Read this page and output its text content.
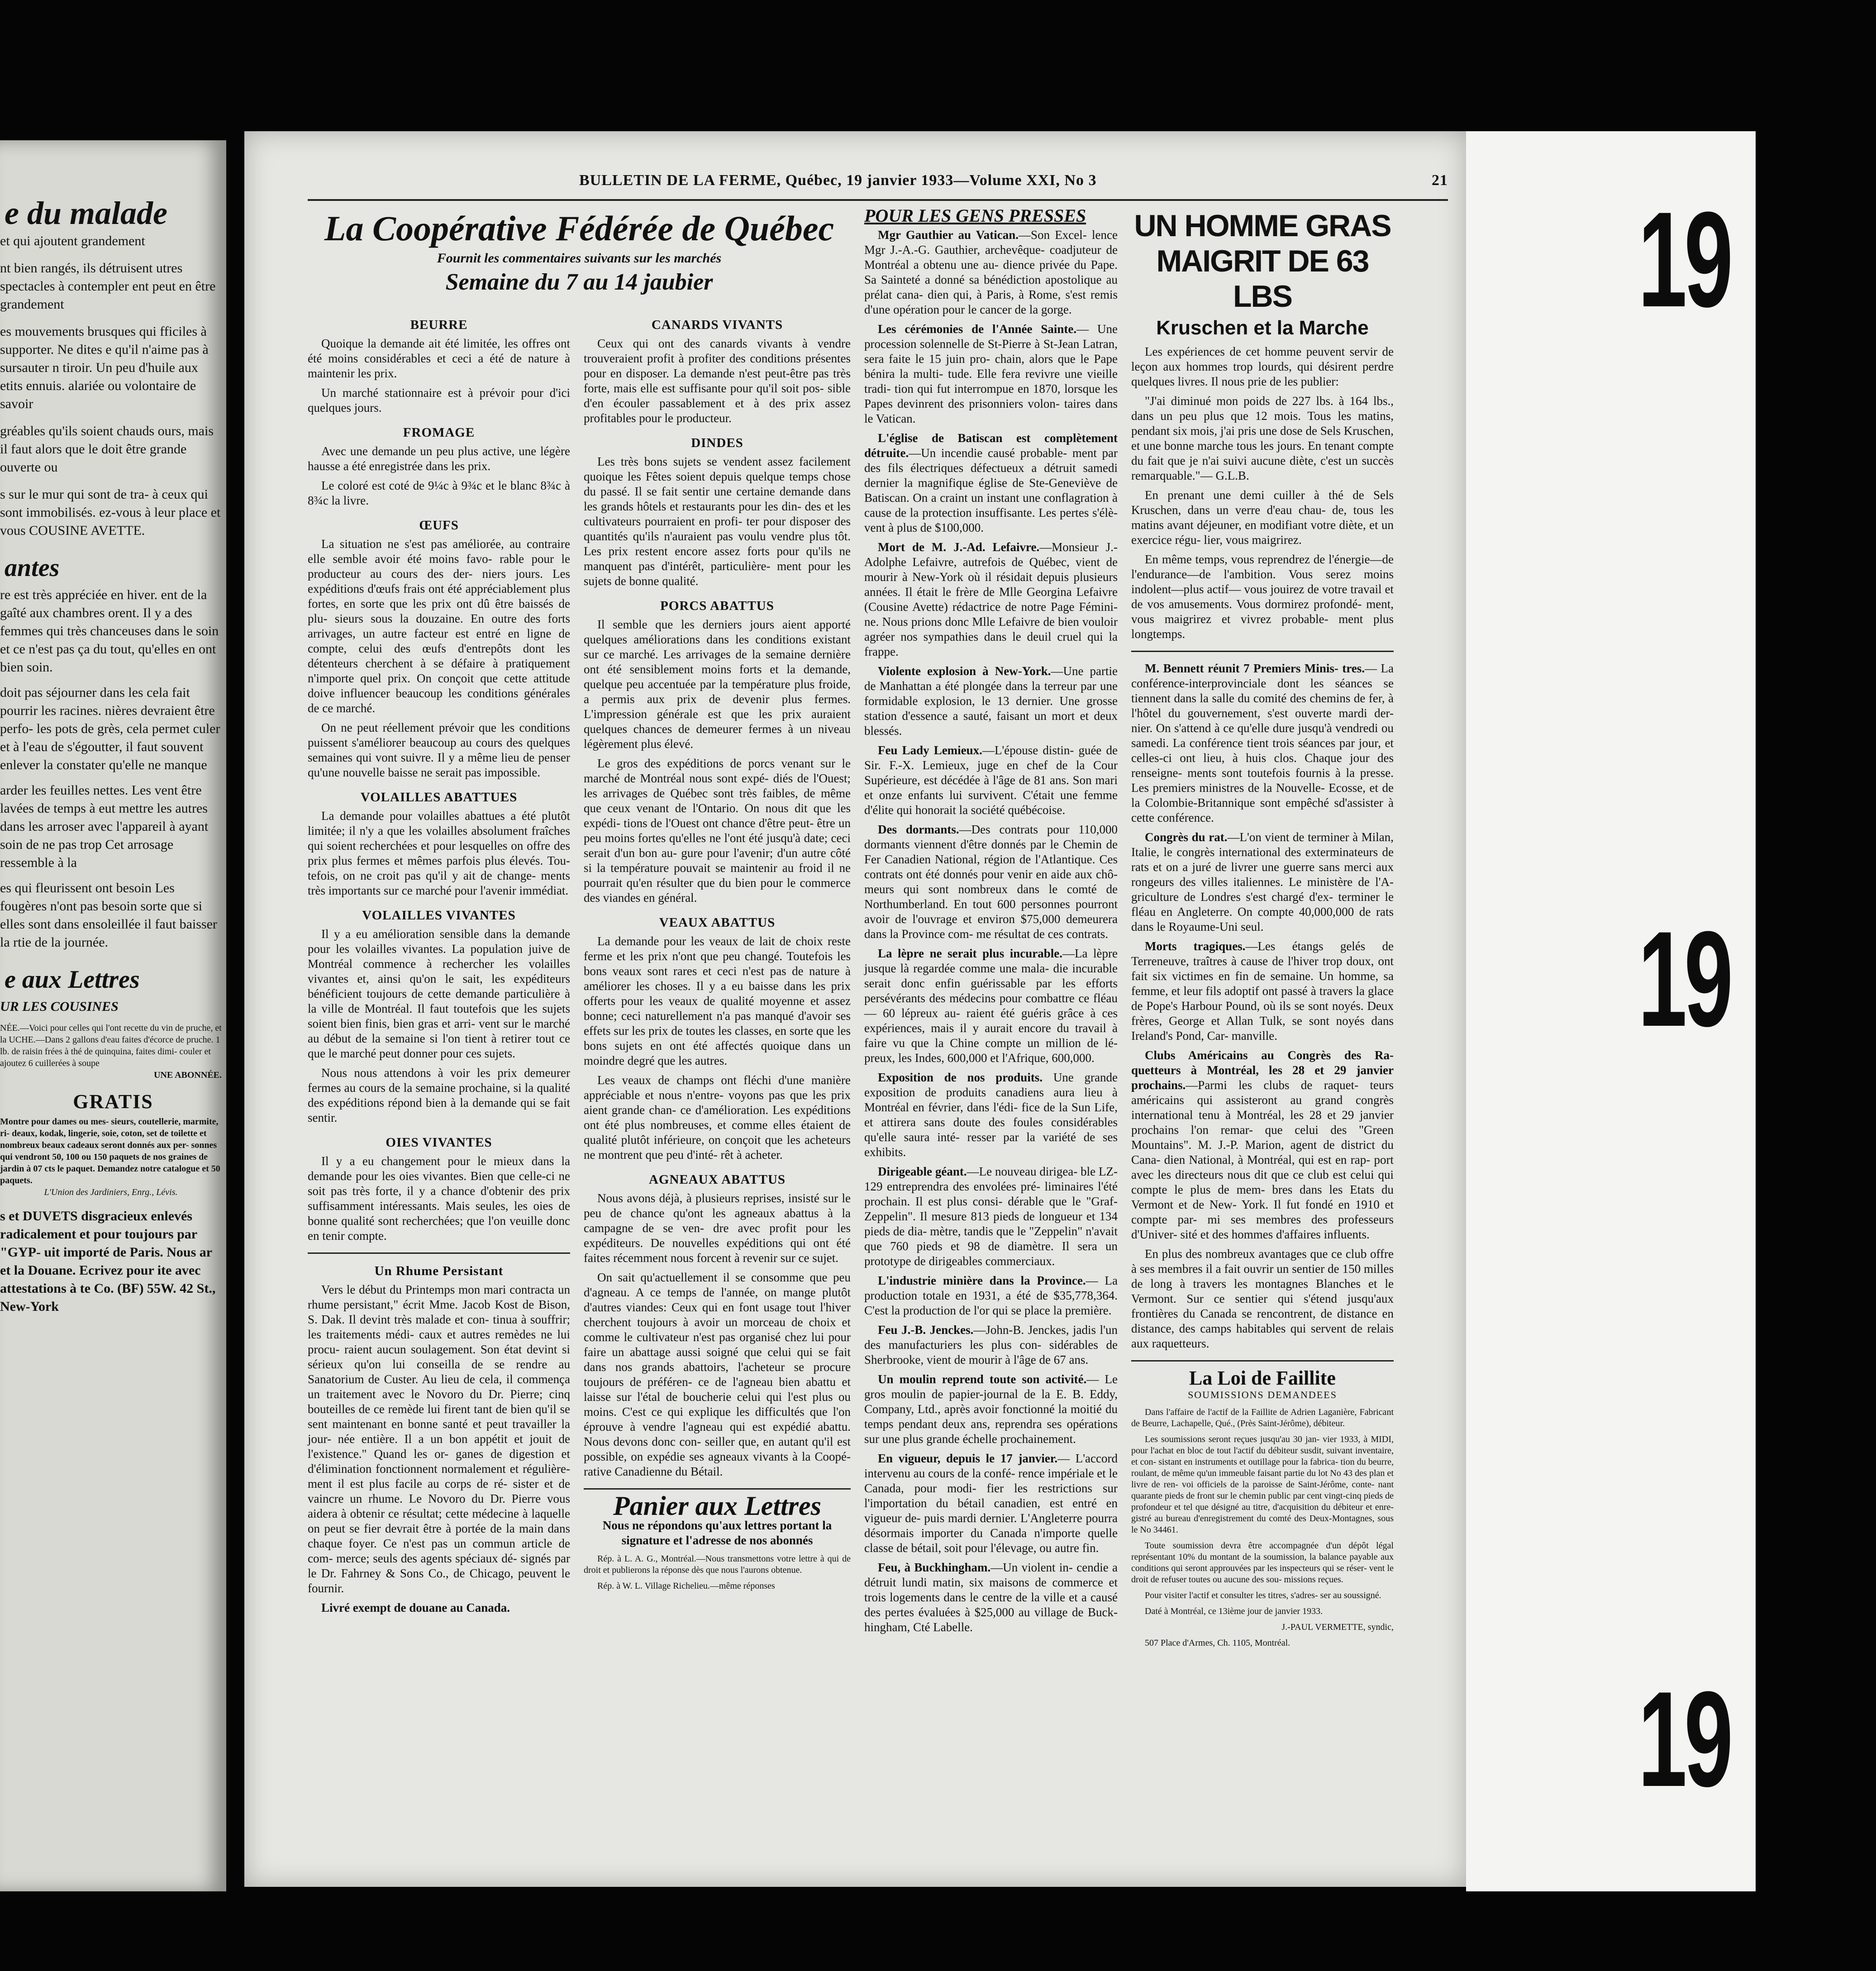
e du malade

et qui ajoutent grandement

nt bien rangés, ils détruisent utres spectacles à contempler ent peut en être grandement

es mouvements brusques qui fficiles à supporter. Ne dites e qu'il n'aime pas à sursauter n tiroir. Un peu d'huile aux etits ennuis. alariée ou volontaire de savoir

gréables qu'ils soient chauds ours, mais il faut alors que le doit être grande ouverte ou

s sur le mur qui sont de tra- à ceux qui sont immobilisés. ez-vous à leur place et vous COUSINE AVETTE.

antes

re est très appréciée en hiver. ent de la gaîté aux chambres orent. Il y a des femmes qui très chanceuses dans le soin et ce n'est pas ça du tout, qu'elles en ont bien soin.

doit pas séjourner dans les cela fait pourrir les racines. nières devraient être perfo- les pots de grès, cela permet culer et à l'eau de s'égoutter, il faut souvent enlever la constater qu'elle ne manque

arder les feuilles nettes. Les vent être lavées de temps à eut mettre les autres dans les arroser avec l'appareil à ayant soin de ne pas trop Cet arrosage ressemble à la

es qui fleurissent ont besoin Les fougères n'ont pas besoin sorte que si elles sont dans ensoleillée il faut baisser la rtie de la journée.

e aux Lettres

UR LES COUSINES

NÉE.—Voici pour celles qui l'ont recette du vin de pruche, et la UCHE.—Dans 2 gallons d'eau faites d'écorce de pruche. 1 lb. de raisin frées à thé de quinquina, faites dimi- couler et ajoutez 6 cuillerées à soupe

UNE ABONNÉE.

GRATIS

Montre pour dames ou mes- sieurs, coutellerie, marmite, ri- deaux, kodak, lingerie, soie, coton, set de toilette et nombreux beaux cadeaux seront donnés aux per- sonnes qui vendront 50, 100 ou 150 paquets de nos graines de jardin à 07 cts le paquet. Demandez notre catalogue et 50 paquets.

L'Union des Jardiniers, Enrg., Lévis.

s et DUVETS disgracieux enlevés radicalement et pour toujours par "GYP- uit importé de Paris. Nous ar et la Douane. Ecrivez pour ite avec attestations à te Co. (BF) 55W. 42 St., New-York

BULLETIN DE LA FERME, Québec, 19 janvier 1933—Volume XXI, No 3	21
La Coopérative Fédérée de Québec
Fournit les commentaires suivants sur les marchés
Semaine du 7 au 14 jaubier
BEURRE

Quoique la demande ait été limitée, les offres ont été moins considérables et ceci a été de nature à maintenir les prix.

Un marché stationnaire est à prévoir pour d'ici quelques jours.

FROMAGE

Avec une demande un peu plus active, une légère hausse a été enregistrée dans les prix.

Le coloré est coté de 9¼c à 9¾c et le blanc 8¾c à 8¾c la livre.

ŒUFS

La situation ne s'est pas améliorée, au contraire elle semble avoir été moins favo- rable pour le producteur au cours des der- niers jours. Les expéditions d'œufs frais ont été appréciablement plus fortes, en sorte que les prix ont dû être baissés de plu- sieurs sous la douzaine. En outre des forts arrivages, un autre facteur est entré en ligne de compte, celui des œufs d'entrepôts dont les détenteurs cherchent à se défaire à pratiquement n'importe quel prix. On conçoit que cette attitude doive influencer beaucoup les conditions générales de ce marché.

On ne peut réellement prévoir que les conditions puissent s'améliorer beaucoup au cours des quelques semaines qui vont suivre. Il y a même lieu de penser qu'une nouvelle baisse ne serait pas impossible.

VOLAILLES ABATTUES

La demande pour volailles abattues a été plutôt limitée; il n'y a que les volailles absolument fraîches qui soient recherchées et pour lesquelles on offre des prix plus fermes et mêmes parfois plus élevés. Tou- tefois, on ne croit pas qu'il y ait de change- ments très importants sur ce marché pour l'avenir immédiat.

VOLAILLES VIVANTES

Il y a eu amélioration sensible dans la demande pour les volailles vivantes. La population juive de Montréal commence à rechercher les volailles vivantes et, ainsi qu'on le sait, les expéditeurs bénéficient toujours de cette demande particulière à la ville de Montréal. Il faut toutefois que les sujets soient bien finis, bien gras et arri- vent sur le marché au début de la semaine si l'on tient à retirer tout ce que le marché peut donner pour ces sujets.

Nous nous attendons à voir les prix demeurer fermes au cours de la semaine prochaine, si la qualité des expéditions répond bien à la demande qui se fait sentir.

OIES VIVANTES

Il y a eu changement pour le mieux dans la demande pour les oies vivantes. Bien que celle-ci ne soit pas très forte, il y a chance d'obtenir des prix suffisamment intéressants. Mais seules, les oies de bonne qualité sont recherchées; que l'on veuille donc en tenir compte.

Un Rhume Persistant

Vers le début du Printemps mon mari contracta un rhume persistant," écrit Mme. Jacob Kost de Bison, S. Dak. Il devint très malade et con- tinua à souffrir; les traitements médi- caux et autres remèdes ne lui procu- raient aucun soulagement. Son état devint si sérieux qu'on lui conseilla de se rendre au Sanatorium de Custer. Au lieu de cela, il commença un traitement avec le Novoro du Dr. Pierre; cinq bouteilles de ce remède lui firent tant de bien qu'il se sent maintenant en bonne santé et peut travailler la jour- née entière. Il a un bon appétit et jouit de l'existence." Quand les or- ganes de digestion et d'élimination fonctionnent normalement et régulière- ment il est plus facile au corps de ré- sister et de vaincre un rhume. Le Novoro du Dr. Pierre vous aidera à obtenir ce résultat; cette médecine à laquelle on peut se fier devrait être à portée de la main dans chaque foyer. Ce n'est pas un commun article de com- merce; seuls des agents spéciaux dé- signés par le Dr. Fahrney & Sons Co., de Chicago, peuvent le fournir.

Livré exempt de douane au Canada.

CANARDS VIVANTS

Ceux qui ont des canards vivants à vendre trouveraient profit à profiter des conditions présentes pour en disposer. La demande n'est peut-être pas très forte, mais elle est suffisante pour qu'il soit pos- sible d'en écouler passablement et à des prix assez profitables pour le producteur.

DINDES

Les très bons sujets se vendent assez facilement quoique les Fêtes soient depuis quelque temps chose du passé. Il se fait sentir une certaine demande dans les grands hôtels et restaurants pour les din- des et les cultivateurs pourraient en profi- ter pour disposer des quantités qu'ils n'auraient pas voulu vendre plus tôt. Les prix restent encore assez forts pour qu'ils ne manquent pas d'intérêt, particulière- ment pour les sujets de bonne qualité.

PORCS ABATTUS

Il semble que les derniers jours aient apporté quelques améliorations dans les conditions existant sur ce marché. Les arrivages de la semaine dernière ont été sensiblement moins forts et la demande, quelque peu accentuée par la température plus froide, a permis aux prix de devenir plus fermes. L'impression générale est que les prix auraient quelques chances de demeurer fermes à un niveau légèrement plus élevé.

Le gros des expéditions de porcs venant sur le marché de Montréal nous sont expé- diés de l'Ouest; les arrivages de Québec sont très faibles, de même que ceux venant de l'Ontario. On nous dit que les expédi- tions de l'Ouest ont chance d'être peut- être un peu moins fortes qu'elles ne l'ont été jusqu'à date; ceci serait d'un bon au- gure pour l'avenir; d'un autre côté si la température pouvait se maintenir au froid il ne pourrait qu'en résulter que du bien pour le commerce des viandes en général.

VEAUX ABATTUS

La demande pour les veaux de lait de choix reste ferme et les prix n'ont que peu changé. Toutefois les bons veaux sont rares et ceci n'est pas de nature à améliorer les choses. Il y a eu baisse dans les prix offerts pour les veaux de qualité moyenne et assez bonne; ceci naturellement n'a pas manqué d'avoir ses effets sur les prix de toutes les classes, en sorte que les bons sujets en ont été affectés quoique dans un moindre degré que les autres.

Les veaux de champs ont fléchi d'une manière appréciable et nous n'entre- voyons pas que les prix aient grande chan- ce d'amélioration. Les expéditions ont été plus nombreuses, et comme elles étaient de qualité plutôt inférieure, on conçoit que les acheteurs ne montrent que peu d'inté- rêt à acheter.

AGNEAUX ABATTUS

Nous avons déjà, à plusieurs reprises, insisté sur le peu de chance qu'ont les agneaux abattus à la campagne de se ven- dre avec profit pour les expéditeurs. De nouvelles expéditions qui ont été faites récemment nous forcent à revenir sur ce sujet.

On sait qu'actuellement il se consomme que peu d'agneau. A ce temps de l'année, on mange plutôt d'autres viandes: Ceux qui en font usage tout l'hiver cherchent toujours à avoir un morceau de choix et comme le cultivateur n'est pas organisé chez lui pour faire un abattage aussi soigné que celui qui se fait dans nos grands abattoirs, l'acheteur se procure toujours de préféren- ce de l'agneau bien abattu et laisse sur l'étal de boucherie celui qui l'est plus ou moins. C'est ce qui explique les difficultés que l'on éprouve à vendre l'agneau qui est expédié abattu. Nous devons donc con- seiller que, en autant qu'il est possible, on expédie ses agneaux vivants à la Coopé- rative Canadienne du Bétail.

Panier aux Lettres
Nous ne répondons qu'aux lettres portant la signature et l'adresse de nos abonnés

Rép. à L. A. G., Montréal.—Nous transmettons votre lettre à qui de droit et publierons la réponse dès que nous l'aurons obtenue.

Rép. à W. L. Village Richelieu.—même réponses

POUR LES GENS PRESSES

Mgr Gauthier au Vatican.—Son Excel- lence Mgr J.-A.-G. Gauthier, archevêque- coadjuteur de Montréal a obtenu une au- dience privée du Pape. Sa Sainteté a donné sa bénédiction apostolique au prélat cana- dien qui, à Paris, à Rome, s'est remis d'une opération pour le cancer de la gorge.

Les cérémonies de l'Année Sainte.— Une procession solennelle de St-Pierre à St-Jean Latran, sera faite le 15 juin pro- chain, alors que le Pape bénira la multi- tude. Elle fera revivre une vieille tradi- tion qui fut interrompue en 1870, lorsque les Papes devinrent des prisonniers volon- taires dans le Vatican.

L'église de Batiscan est complètement détruite.—Un incendie causé probable- ment par des fils électriques défectueux a détruit samedi dernier la magnifique église de Ste-Geneviève de Batiscan. On a craint un instant une conflagration à cause de la protection insuffisante. Les pertes s'élè- vent à plus de $100,000.

Mort de M. J.-Ad. Lefaivre.—Monsieur J.-Adolphe Lefaivre, autrefois de Québec, vient de mourir à New-York où il résidait depuis plusieurs années. Il était le frère de Mlle Georgina Lefaivre (Cousine Avette) rédactrice de notre Page Fémini- ne. Nous prions donc Mlle Lefaivre de bien vouloir agréer nos sympathies dans le deuil cruel qui la frappe.

Violente explosion à New-York.—Une partie de Manhattan a été plongée dans la terreur par une formidable explosion, le 13 dernier. Une grosse station d'essence a sauté, faisant un mort et deux blessés.

Feu Lady Lemieux.—L'épouse distin- guée de Sir. F.-X. Lemieux, juge en chef de la Cour Supérieure, est décédée à l'âge de 81 ans. Son mari et onze enfants lui survivent. C'était une femme d'élite qui honorait la société québécoise.

Des dormants.—Des contrats pour 110,000 dormants viennent d'être donnés par le Chemin de Fer Canadien National, région de l'Atlantique. Ces contrats ont été donnés pour venir en aide aux chô- meurs qui sont nombreux dans le comté de Northumberland. En tout 600 personnes pourront avoir de l'ouvrage et environ $75,000 demeurera dans la Province com- me résultat de ces contrats.

La lèpre ne serait plus incurable.—La lèpre jusque là regardée comme une mala- die incurable serait donc enfin guérissable par les efforts persévérants des médecins pour combattre ce fléau — 60 lépreux au- raient été guéris grâce à ces expériences, mais il y aurait encore du travail à faire vu que la Chine compte un million de lé- preux, les Indes, 600,000 et l'Afrique, 600,000.

Exposition de nos produits. Une grande exposition de produits canadiens aura lieu à Montréal en février, dans l'édi- fice de la Sun Life, et attirera sans doute des foules considérables qu'elle saura inté- resser par la variété de ses exhibits.

Dirigeable géant.—Le nouveau dirigea- ble LZ-129 entreprendra des envolées pré- liminaires l'été prochain. Il est plus consi- dérable que le "Graf-Zeppelin". Il mesure 813 pieds de longueur et 134 pieds de dia- mètre, tandis que le "Zeppelin" n'avait que 760 pieds et 98 de diamètre. Il sera un prototype de dirigeables commerciaux.

L'industrie minière dans la Province.— La production totale en 1931, a été de $35,778,364. C'est la production de l'or qui se place la première.

Feu J.-B. Jenckes.—John-B. Jenckes, jadis l'un des manufacturiers les plus con- sidérables de Sherbrooke, vient de mourir à l'âge de 67 ans.

Un moulin reprend toute son activité.— Le gros moulin de papier-journal de la E. B. Eddy, Company, Ltd., après avoir fonctionné la moitié du temps pendant deux ans, reprendra ses opérations sur une plus grande échelle prochainement.

En vigueur, depuis le 17 janvier.— L'accord intervenu au cours de la confé- rence impériale et le Canada, pour modi- fier les restrictions sur l'importation du bétail canadien, est entré en vigueur de- puis mardi dernier. L'Angleterre pourra désormais importer du Canada n'importe quelle classe de bétail, soit pour l'élevage, ou autre fin.

Feu, à Buckhingham.—Un violent in- cendie a détruit lundi matin, six maisons de commerce et trois logements dans le centre de la ville et a causé des pertes évaluées à $25,000 au village de Buck- hingham, Cté Labelle.

UN HOMME GRAS MAIGRIT DE 63 LBS
Kruschen et la Marche

Les expériences de cet homme peuvent servir de leçon aux hommes trop lourds, qui désirent perdre quelques livres. Il nous prie de les publier:

"J'ai diminué mon poids de 227 lbs. à 164 lbs., dans un peu plus que 12 mois. Tous les matins, pendant six mois, j'ai pris une dose de Sels Kruschen, et une bonne marche tous les jours. En tenant compte du fait que je n'ai suivi aucune diète, c'est un succès remarquable."— G.L.B.

En prenant une demi cuiller à thé de Sels Kruschen, dans un verre d'eau chau- de, tous les matins avant déjeuner, en modifiant votre diète, et un exercice régu- lier, vous maigrirez.

En même temps, vous reprendrez de l'énergie—de l'endurance—de l'ambition. Vous serez moins indolent—plus actif— vous jouirez de votre travail et de vos amusements. Vous dormirez profondé- ment, vous maigrirez et vivrez probable- ment plus longtemps.

M. Bennett réunit 7 Premiers Minis- tres.— La conférence-interprovinciale dont les séances se tiennent dans la salle du comité des chemins de fer, à l'hôtel du gouvernement, s'est ouverte mardi der- nier. On s'attend à ce qu'elle dure jusqu'à vendredi ou samedi. La conférence tient trois séances par jour, et celles-ci ont lieu, à huis clos. Chaque jour des renseigne- ments sont toutefois fournis à la presse. Les premiers ministres de la Nouvelle- Ecosse, et de la Colombie-Britannique sont empêché sd'assister à cette conférence.

Congrès du rat.—L'on vient de terminer à Milan, Italie, le congrès international des exterminateurs de rats et on a juré de livrer une guerre sans merci aux rongeurs des villes italiennes. Le ministère de l'A- griculture de Londres s'est chargé d'ex- terminer le fléau en Angleterre. On compte 40,000,000 de rats dans le Royaume-Uni seul.

Morts tragiques.—Les étangs gelés de Terreneuve, traîtres à cause de l'hiver trop doux, ont fait six victimes en fin de semaine. Un homme, sa femme, et leur fils adoptif ont passé à travers la glace de Pope's Harbour Pound, où ils se sont noyés. Deux frères, George et Allan Tulk, se sont noyés dans Ireland's Pond, Car- manville.

Clubs Américains au Congrès des Ra- quetteurs à Montréal, les 28 et 29 janvier prochains.—Parmi les clubs de raquet- teurs américains qui assisteront au grand congrès international tenu à Montréal, les 28 et 29 janvier prochains l'on remar- que celui des "Green Mountains". M. J.-P. Marion, agent de district du Cana- dien National, à Montréal, qui est en rap- port avec les directeurs nous dit que ce club est celui qui compte le plus de mem- bres dans les Etats du Vermont et de New- York. Il fut fondé en 1910 et compte par- mi ses membres des professeurs d'Univer- sité et des hommes d'affaires influents.

En plus des nombreux avantages que ce club offre à ses membres il a fait ouvrir un sentier de 150 milles de long à travers les montagnes Blanches et le Vermont. Sur ce sentier qui s'étend jusqu'aux frontières du Canada se rencontrent, de distance en distance, des camps habitables qui servent de relais aux raquetteurs.

La Loi de Faillite
SOUMISSIONS DEMANDEES

Dans l'affaire de l'actif de la Faillite de Adrien Laganière, Fabricant de Beurre, Lachapelle, Qué., (Près Saint-Jérôme), débiteur.

Les soumissions seront reçues jusqu'au 30 jan- vier 1933, à MIDI, pour l'achat en bloc de tout l'actif du débiteur susdit, suivant inventaire, et con- sistant en instruments et outillage pour la fabrica- tion du beurre, roulant, de même qu'un immeuble faisant partie du lot No 43 des plan et livre de ren- voi officiels de la paroisse de Saint-Jérôme, conte- nant quarante pieds de front sur le chemin public par cent vingt-cinq pieds de profondeur et tel que désigné au titre, d'acquisition du débiteur et enre- gistré au bureau d'enregistrement du comté des Deux-Montagnes, sous le No 34461.

Toute soumission devra être accompagnée d'un dépôt légal représentant 10% du montant de la soumission, la balance payable aux conditions qui seront approuvées par les inspecteurs qui se réser- vent le droit de refuser toutes ou aucune des sou- missions reçues.

Pour visiter l'actif et consulter les titres, s'adres- ser au soussigné.

Daté à Montréal, ce 13ième jour de janvier 1933.

J.-PAUL VERMETTE, syndic,

507 Place d'Armes, Ch. 1105, Montréal.

19
19
19
